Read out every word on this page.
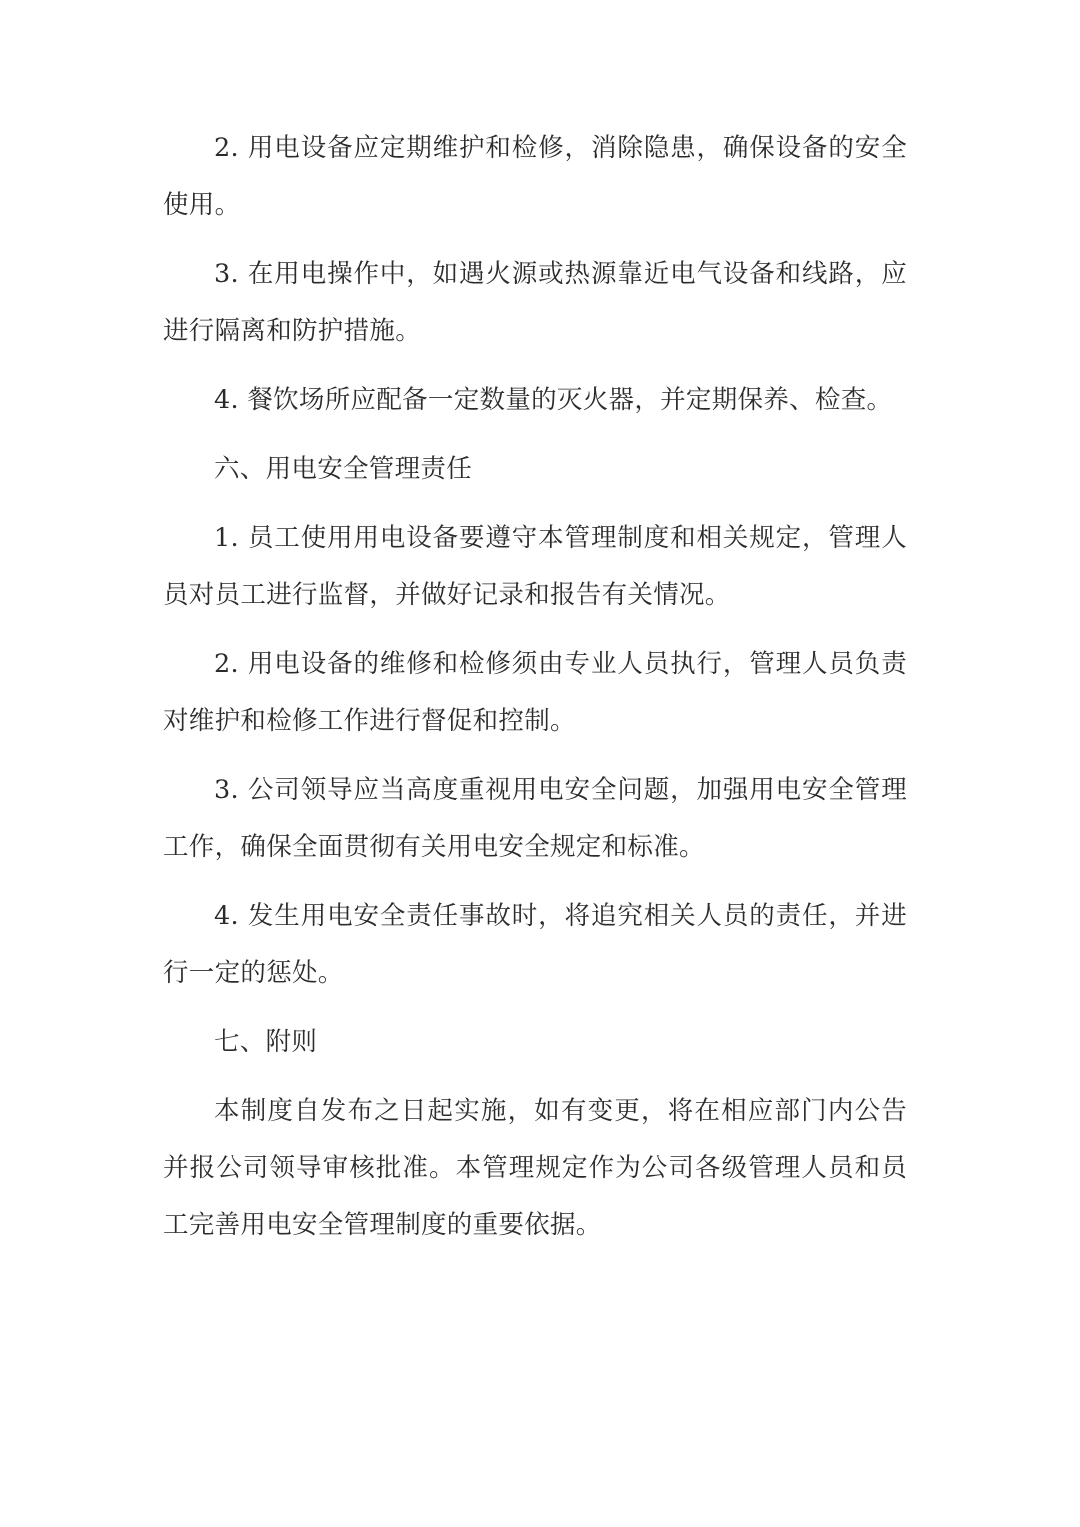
2. 用电设备应定期维护和检修，消除隐患，确保设备的安全使用。

3. 在用电操作中，如遇火源或热源靠近电气设备和线路，应进行隔离和防护措施。

4. 餐饮场所应配备一定数量的灭火器，并定期保养、检查。

六、用电安全管理责任

1. 员工使用用电设备要遵守本管理制度和相关规定，管理人员对员工进行监督，并做好记录和报告有关情况。

2. 用电设备的维修和检修须由专业人员执行，管理人员负责对维护和检修工作进行督促和控制。

3. 公司领导应当高度重视用电安全问题，加强用电安全管理工作，确保全面贯彻有关用电安全规定和标准。

4. 发生用电安全责任事故时，将追究相关人员的责任，并进行一定的惩处。

七、附则

本制度自发布之日起实施，如有变更，将在相应部门内公告并报公司领导审核批准。本管理规定作为公司各级管理人员和员工完善用电安全管理制度的重要依据。
